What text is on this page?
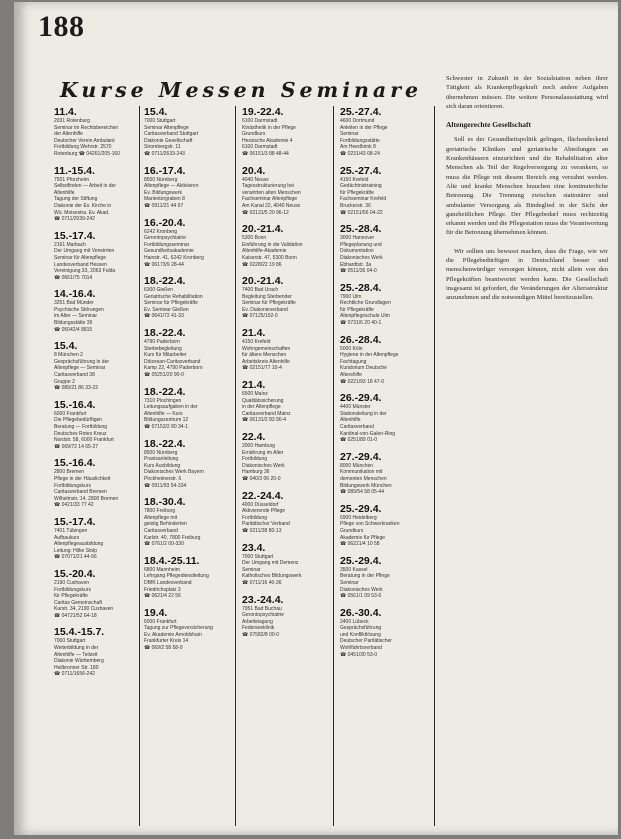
188
Kurse Messen Seminare
11.4.
2031 Rotenburg
Seminar im Rechtsbereichen
der Altenhilfe
Deutscher Verein Ambulant
Fortbildung Wehrstr. 2570
Rotenburg ☎ 04261/205-160
11.-15.4.
7501 Pforzheim
Selbstfinden — Arbeit in der
Altenhilfe
Tagung der Stiftung
Diakonie der Ev. Kirche in
Wü. Moisestra. Ev. Akad.
☎ 0711/2039-242
15.-17.4.
2161 Marbach
Der Umgang mit Verwirrten
Seminar für Altenpflege
Landesverband Hessen
Vereinigung 33, 2063 Fulda
☎ 0661/75 7014
14.-16.4.
3251 Bad Münder
Psychische Störungen
im Alter — Seminar
Bildungsstätte 36
☎ 05042/4 8815
15.4.
8 München 2
Gesprächsführung in der
Altenpflege — Seminar
Caritasverband 38
Gruppe 2
☎ 089/21 86 33-22
15.-16.4.
6000 Frankfurt
Die Pflegebedürftigen
Beratung — Fortbildung
Deutsches Rotes Kreuz
Nordstr. 58, 6000 Frankfurt
☎ 069/72 14 65-27
15.-16.4.
2800 Bremen
Pflege in der Häuslichkeit
Fortbildungskurs
Caritasverband Bremen
Wilhelmstr. 14, 2800 Bremen
☎ 0421/33 77 42
15.-17.4.
7401 Tübingen
Aufbaukurs
Altenpflegeausbildung
Leitung: Hilke Stolp
☎ 07071/21 44-56
15.-20.4.
2190 Cuxhaven
Fortbildungskurs
für Pflegekräfte
Caritas Gemeinschaft
Kurstr. 34, 2190 Cuxhaven
☎ 04721/52 64-18
15.4.-15.7.
7000 Stuttgart
Weiterbildung in der
Altenhilfe — Teilzeit
Diakonie Württemberg
Heilbronner Str. 180
☎ 0711/1656-242
15.4.
7000 Stuttgart
Seminar Altenpflege
Caritasverband Stuttgart
Diakonie Gesellschaft
Strombergstr. 11
☎ 0711/2633-243
16.-17.4.
8500 Nürnberg
Altenpflege — Aktivieren
Ev. Bildungswerk
Marientorgraben 8
☎ 0911/21 44 97
16.-20.4.
6242 Kronberg
Gerontopsychiatrie
Fortbildungsseminar
Gesundheitsakademie
Hainstr. 41, 6242 Kronberg
☎ 06173/9 28-44
18.-22.4.
6300 Gießen
Geriatrische Rehabilitation
Seminar für Pflegekräfte
Ev. Seminar Gießen
☎ 0641/72 41-33
18.-22.4.
4790 Paderborn
Sterbebegleitung
Kurs für Mitarbeiter
Diözesan-Caritasverband
Kamp 22, 4790 Paderborn
☎ 05251/20 90-0
18.-22.4.
7310 Plochingen
Leitungsaufgaben in der
Altenhilfe — Kurs
Bildungszentrum 12
☎ 07153/2 80 34-1
18.-22.4.
8500 Nürnberg
Praxisanleitung
Kurs Ausbildung
Diakonisches Werk Bayern
Pirckheimerstr. 6
☎ 0911/93 54-334
18.-30.4.
7800 Freiburg
Altenpflege mit
geistig Behinderten
Caritasverband
Karlstr. 40, 7800 Freiburg
☎ 0761/2 00-330
18.4.-25.11.
6800 Mannheim
Lehrgang Pflegedienstleitung
DBfK Landesverband
Friedrichsplatz 3
☎ 0621/4 22 56
19.4.
6000 Frankfurt
Tagung zur Pflegeversicherung
Ev. Akademie Arnoldshain
Frankfurter Kreis 14
☎ 069/2 58 58-0
19.-22.4.
6100 Darmstadt
Kinästhetik in der Pflege
Grundkurs
Hessische Akademie 4
6100 Darmstadt
☎ 06151/3 88 48-44
20.4.
4040 Neuss
Tagesstrukturierung bei
verwirrten alten Menschen
Fachseminar Altenpflege
Am Kanal 22, 4040 Neuss
☎ 02131/5 20 96-12
20.-21.4.
5300 Bonn
Einführung in die Validation
Altenhilfe-Akademie
Kaiserstr. 47, 5300 Bonn
☎ 0228/22 19 86
20.-21.4.
7400 Bad Urach
Begleitung Sterbender
Seminar für Pflegekräfte
Ev. Diakonieverband
☎ 07125/152-0
21.4.
4150 Krefeld
Wohngemeinschaften
für ältere Menschen
Arbeitskreis Altenhilfe
☎ 02151/77 10-4
21.4.
6500 Mainz
Qualitätssicherung
in der Altenpflege
Caritasverband Mainz
☎ 06131/2 83 90-4
22.4.
2000 Hamburg
Ernährung im Alter
Fortbildung
Diakonisches Werk
Hamburg 36
☎ 040/3 06 20-0
22.-24.4.
4000 Düsseldorf
Aktivierende Pflege
Fortbildung
Paritätischer Verband
☎ 0211/38 80-13
23.4.
7000 Stuttgart
Der Umgang mit Demenz
Seminar
Katholisches Bildungswerk
☎ 0711/16 40-36
23.-24.4.
7951 Bad Buchau
Gerontopsychiatrie
Arbeitstagung
Federseeklinik
☎ 07582/8 00-0
25.-27.4.
4600 Dortmund
Anleiten in der Pflege
Seminar
Fortbildungsstätte
Am Heedbrink 8
☎ 0231/43 08-24
25.-27.4.
4150 Krefeld
Gedächtnistraining
für Pflegekräfte
Fachseminar Krefeld
Bruckerstr. 36
☎ 02151/56 04-22
25.-28.4.
3000 Hannover
Pflegeplanung und
Dokumentation
Diakonisches Werk
Ebhardtstr. 3a
☎ 0511/36 04-0
25.-28.4.
7900 Ulm
Rechtliche Grundlagen
für Pflegekräfte
Altenpflegeschule Ulm
☎ 0731/6 20 40-1
26.-28.4.
5000 Köln
Hygiene in der Altenpflege
Fachtagung
Kuratorium Deutsche
Altershilfe
☎ 0221/93 18 47-0
26.-29.4.
4400 Münster
Stationsleitung in der
Altenhilfe
Caritasverband
Kardinal-von-Galen-Ring
☎ 0251/89 01-0
27.-29.4.
8000 München
Kommunikation mit
dementen Menschen
Bildungswerk München
☎ 089/54 58 05-44
25.-29.4.
6900 Heidelberg
Pflege von Schwerkranken
Grundkurs
Akademie für Pflege
☎ 06221/4 10 58
25.-29.4.
3500 Kassel
Beratung in der Pflege
Seminar
Diakonisches Werk
☎ 0561/1 09 53-6
26.-30.4.
2400 Lübeck
Gesprächsführung
und Konfliktlösung
Deutscher Paritätischer
Wohlfahrtsverband
☎ 0451/30 53-0

Schwester in Zukunft in der Sozialstation neben ihrer Tätigkeit als Krankenpflegekraft noch andere Aufgaben übernehmen müssen. Die weitere Personalausstattung wird sich daran orientieren.

Altengerechte Gesellschaft

Soll es der Gesundheitspolitik gelingen, flächendeckend geriatrische Kliniken und geriatrische Abteilungen an Krankenhäusern einzurichten und die Rehabilitation alter Menschen als Teil der Regelversorgung zu verankern, so muss die Pflege mit diesem Bereich eng verzahnt werden. Alte und kranke Menschen brauchen eine kontinuierliche Betreuung. Die Trennung zwischen stationärer und ambulanter Versorgung als Bindeglied in der Sicht der ganzheitlichen Pflege. Der Pflegebedarf muss rechtzeitig erkannt werden und die Pflegestation muss die Verantwortung für die Betreuung übernehmen können.

Wir sollten uns bewusst machen, dass die Frage, wie wir die Pflegebedürftigen in Deutschland besser und menschenwürdiger versorgen können, nicht allein von den Pflegekräften beantwortet werden kann. Die Gesellschaft insgesamt ist gefordert, die Veränderungen der Altersstruktur anzunehmen und die notwendigen Mittel bereitzustellen.
